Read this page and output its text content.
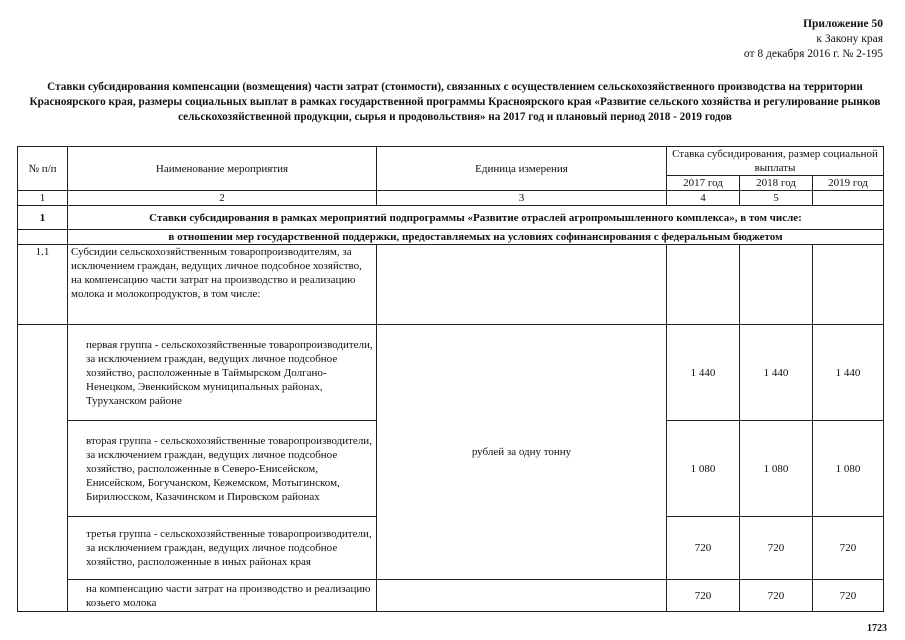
Приложение 50
к Закону края
от 8 декабря 2016 г. № 2-195
Ставки субсидирования компенсации (возмещения) части затрат (стоимости), связанных с осуществлением сельскохозяйственного производства на территории Красноярского края, размеры социальных выплат в рамках государственной программы Красноярского края «Развитие сельского хозяйства и регулирование рынков сельскохозяйственной продукции, сырья и продовольствия» на 2017 год и плановый период 2018 - 2019 годов
№ п/п	Наименование мероприятия	Единица измерения	Ставка субсидирования, размер социальной выплаты		
			2017 год	2018 год	2019 год
1	2	3	4	5	
1	Ставки субсидирования в рамках мероприятий подпрограммы «Развитие отраслей агропромышленного комплекса», в том числе:				
	в отношении мер государственной поддержки, предоставляемых на условиях софинансирования с федеральным бюджетом				
1.1	Субсидии сельскохозяйственным товаропроизводителям, за исключением граждан, ведущих личное подсобное хозяйство, на компенсацию части затрат на производство и реализацию молока и молокопродуктов, в том числе:				
	первая группа - сельскохозяйственные товаропроизводители, за исключением граждан, ведущих личное подсобное хозяйство, расположенные в Таймырском Долгано-Ненецком, Эвенкийском муниципальных районах, Туруханском районе	рублей за одну тонну	1 440	1 440	1 440
	вторая группа - сельскохозяйственные товаропроизводители, за исключением граждан, ведущих личное подсобное хозяйство, расположенные в Северо-Енисейском, Енисейском, Богучанском, Кежемском, Мотыгинском, Бирилюсском, Казачинском и Пировском районах		1 080	1 080	1 080
	третья группа - сельскохозяйственные товаропроизводители, за исключением граждан, ведущих личное подсобное хозяйство, расположенные в иных районах края		720	720	720
	на компенсацию части затрат на производство и реализацию козьего молока		720	720	720
1723
